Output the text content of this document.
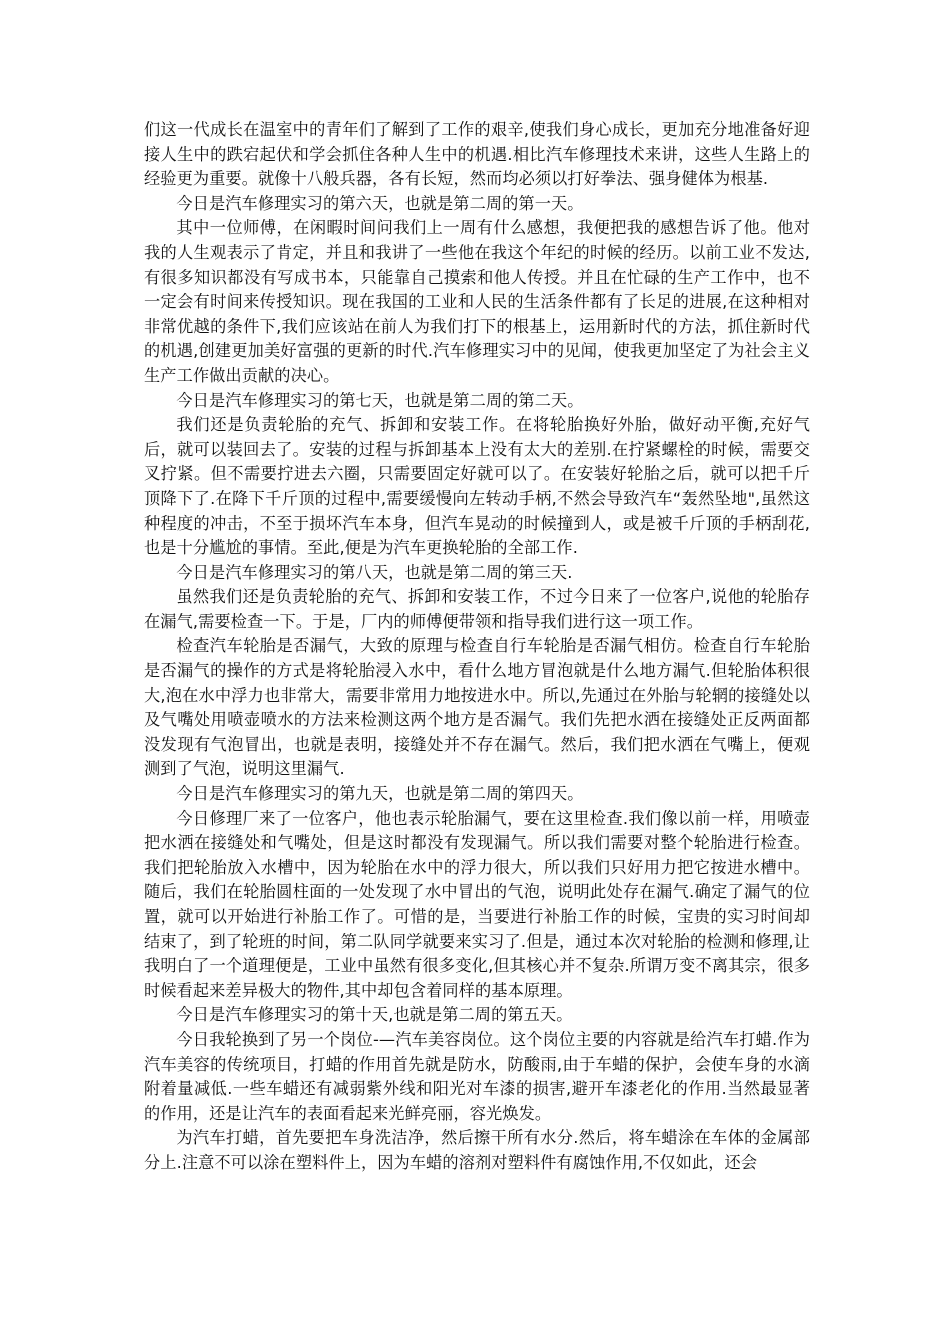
们这一代成长在温室中的青年们了解到了工作的艰辛,使我们身心成长，更加充分地准备好迎接人生中的跌宕起伏和学会抓住各种人生中的机遇.相比汽车修理技术来讲，这些人生路上的经验更为重要。就像十八般兵器，各有长短，然而均必须以打好拳法、强身健体为根基.

今日是汽车修理实习的第六天，也就是第二周的第一天。

其中一位师傅，在闲暇时间问我们上一周有什么感想，我便把我的感想告诉了他。他对我的人生观表示了肯定，并且和我讲了一些他在我这个年纪的时候的经历。以前工业不发达,有很多知识都没有写成书本，只能靠自己摸索和他人传授。并且在忙碌的生产工作中，也不一定会有时间来传授知识。现在我国的工业和人民的生活条件都有了长足的进展,在这种相对非常优越的条件下,我们应该站在前人为我们打下的根基上，运用新时代的方法，抓住新时代的机遇,创建更加美好富强的更新的时代.汽车修理实习中的见闻，使我更加坚定了为社会主义生产工作做出贡献的决心。

今日是汽车修理实习的第七天，也就是第二周的第二天。

我们还是负责轮胎的充气、拆卸和安装工作。在将轮胎换好外胎，做好动平衡,充好气后，就可以装回去了。安装的过程与拆卸基本上没有太大的差别.在拧紧螺栓的时候，需要交叉拧紧。但不需要拧进去六圈，只需要固定好就可以了。在安装好轮胎之后，就可以把千斤顶降下了.在降下千斤顶的过程中,需要缓慢向左转动手柄,不然会导致汽车“轰然坠地",虽然这种程度的冲击，不至于损坏汽车本身，但汽车晃动的时候撞到人，或是被千斤顶的手柄刮花,也是十分尴尬的事情。至此,便是为汽车更换轮胎的全部工作.

今日是汽车修理实习的第八天，也就是第二周的第三天.

虽然我们还是负责轮胎的充气、拆卸和安装工作，不过今日来了一位客户,说他的轮胎存在漏气,需要检查一下。于是，厂内的师傅便带领和指导我们进行这一项工作。

检查汽车轮胎是否漏气，大致的原理与检查自行车轮胎是否漏气相仿。检查自行车轮胎是否漏气的操作的方式是将轮胎浸入水中，看什么地方冒泡就是什么地方漏气.但轮胎体积很大,泡在水中浮力也非常大，需要非常用力地按进水中。所以,先通过在外胎与轮辋的接缝处以及气嘴处用喷壶喷水的方法来检测这两个地方是否漏气。我们先把水洒在接缝处正反两面都没发现有气泡冒出，也就是表明，接缝处并不存在漏气。然后，我们把水洒在气嘴上，便观测到了气泡，说明这里漏气.

今日是汽车修理实习的第九天，也就是第二周的第四天。

今日修理厂来了一位客户，他也表示轮胎漏气，要在这里检查.我们像以前一样，用喷壶把水洒在接缝处和气嘴处，但是这时都没有发现漏气。所以我们需要对整个轮胎进行检查。我们把轮胎放入水槽中，因为轮胎在水中的浮力很大，所以我们只好用力把它按进水槽中。随后，我们在轮胎圆柱面的一处发现了水中冒出的气泡，说明此处存在漏气.确定了漏气的位置，就可以开始进行补胎工作了。可惜的是，当要进行补胎工作的时候，宝贵的实习时间却结束了，到了轮班的时间，第二队同学就要来实习了.但是，通过本次对轮胎的检测和修理,让我明白了一个道理便是，工业中虽然有很多变化,但其核心并不复杂.所谓万变不离其宗，很多时候看起来差异极大的物件,其中却包含着同样的基本原理。

今日是汽车修理实习的第十天,也就是第二周的第五天。

今日我轮换到了另一个岗位-—汽车美容岗位。这个岗位主要的内容就是给汽车打蜡.作为汽车美容的传统项目，打蜡的作用首先就是防水，防酸雨,由于车蜡的保护，会使车身的水滴附着量减低.一些车蜡还有减弱紫外线和阳光对车漆的损害,避开车漆老化的作用.当然最显著的作用，还是让汽车的表面看起来光鲜亮丽，容光焕发。

为汽车打蜡，首先要把车身洗洁净，然后擦干所有水分.然后，将车蜡涂在车体的金属部分上.注意不可以涂在塑料件上，因为车蜡的溶剂对塑料件有腐蚀作用,不仅如此，还会
